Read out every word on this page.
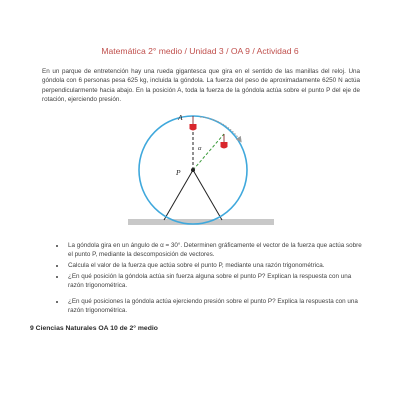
Matemática 2° medio / Unidad 3 / OA 9 / Actividad 6
En un parque de entretención hay una rueda gigantesca que gira en el sentido de las manillas del reloj. Una góndola con 6 personas pesa 625 kg, incluida la góndola. La fuerza del peso de aproximadamente 6250 N actúa perpendicularmente hacia abajo. En la posición A, toda la fuerza de la góndola actúa sobre el punto P del eje de rotación, ejerciendo presión.
A
P
α
• La góndola gira en un ángulo de α = 30°. Determinen gráficamente el vector de la fuerza que actúa sobre el punto P, mediante la descomposición de vectores.
• Calcula el valor de la fuerza que actúa sobre el punto P, mediante una razón trigonométrica.
• ¿En qué posición la góndola actúa sin fuerza alguna sobre el punto P? Explican la respuesta con una razón trigonométrica.
• ¿En qué posiciones la góndola actúa ejerciendo presión sobre el punto P? Explica la respuesta con una razón trigonométrica.
9 Ciencias Naturales OA 10 de 2° medio
